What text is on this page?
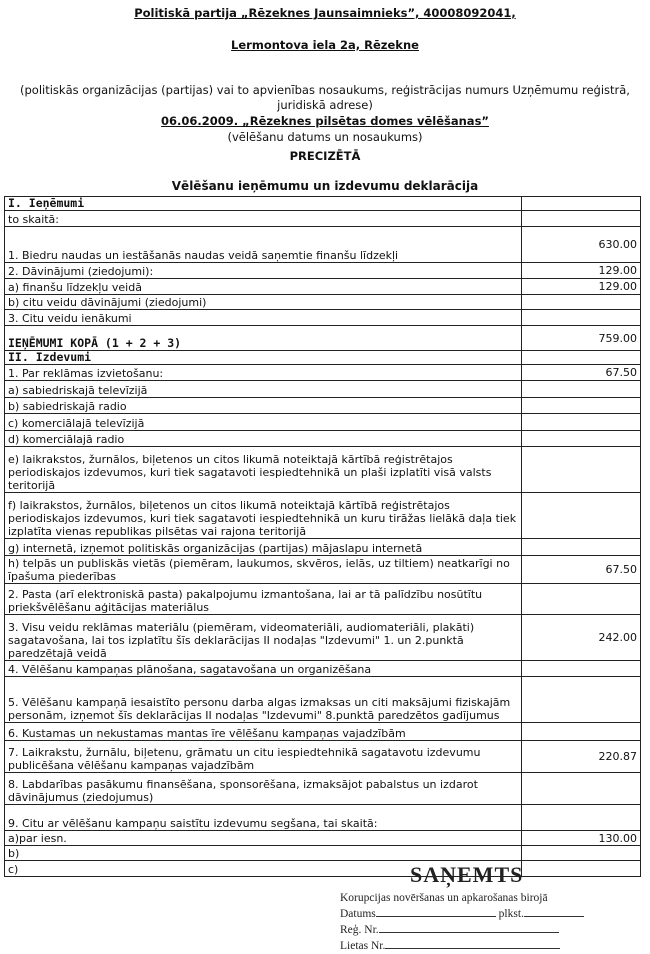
Politiskā partija „Rēzeknes Jaunsaimnieks”, 40008092041,
Lermontova iela 2a, Rēzekne
(politiskās organizācijas (partijas) vai to apvienības nosaukums, reģistrācijas numurs Uzņēmumu reģistrā, juridiskā adrese)
06.06.2009. „Rēzeknes pilsētas domes vēlēšanas”
(vēlēšanu datums un nosaukums)
PRECIZĒTĀ
Vēlēšanu ieņēmumu un izdevumu deklarācija
I. Ieņēmumi	
to skaitā:	
1. Biedru naudas un iestāšanās naudas veidā saņemtie finanšu līdzekļi	630.00
2. Dāvinājumi (ziedojumi):	129.00
a) finanšu līdzekļu veidā	129.00
b) citu veidu dāvinājumi (ziedojumi)	
3. Citu veidu ienākumi	
IEŅĒMUMI KOPĀ (1 + 2 + 3)	759.00
II. Izdevumi	
1. Par reklāmas izvietošanu:	67.50
a) sabiedriskajā televīzijā	
b) sabiedriskajā radio	
c) komerciālajā televīzijā	
d) komerciālajā radio	
e) laikrakstos, žurnālos, biļetenos un citos likumā noteiktajā kārtībā reģistrētajos periodiskajos izdevumos, kuri tiek sagatavoti iespiedtehnikā un plaši izplatīti visā valsts teritorijā	
f) laikrakstos, žurnālos, biļetenos un citos likumā noteiktajā kārtībā reģistrētajos periodiskajos izdevumos, kuri tiek sagatavoti iespiedtehnikā un kuru tirāžas lielākā daļa tiek izplatīta vienas republikas pilsētas vai rajona teritorijā	
g) internetā, izņemot politiskās organizācijas (partijas) mājaslapu internetā	
h) telpās un publiskās vietās (piemēram, laukumos, skvēros, ielās, uz tiltiem) neatkarīgi no īpašuma piederības	67.50
2. Pasta (arī elektroniskā pasta) pakalpojumu izmantošana, lai ar tā palīdzību nosūtītu priekšvēlēšanu aģitācijas materiālus	
3. Visu veidu reklāmas materiālu (piemēram, videomateriāli, audiomateriāli, plakāti) sagatavošana, lai tos izplatītu šīs deklarācijas II nodaļas "Izdevumi" 1. un 2.punktā paredzētajā veidā	242.00
4. Vēlēšanu kampaņas plānošana, sagatavošana un organizēšana	
5. Vēlēšanu kampaņā iesaistīto personu darba algas izmaksas un citi maksājumi fiziskajām personām, izņemot šīs deklarācijas II nodaļas "Izdevumi" 8.punktā paredzētos gadījumus	
6. Kustamas un nekustamas mantas īre vēlēšanu kampaņas vajadzībām	
7. Laikrakstu, žurnālu, biļetenu, grāmatu un citu iespiedtehnikā sagatavotu izdevumu publicēšana vēlēšanu kampaņas vajadzībām	220.87
8. Labdarības pasākumu finansēšana, sponsorēšana, izmaksājot pabalstus un izdarot dāvinājumus (ziedojumus)	
9. Citu ar vēlēšanu kampaņu saistītu izdevumu segšana, tai skaitā:	
a)par iesn.	130.00
b)	
c)		SAŅEMTS
Korupcijas novēršanas un apkarošanas birojā
Datums	plkst.
Reģ. Nr.
Lietas Nr.
